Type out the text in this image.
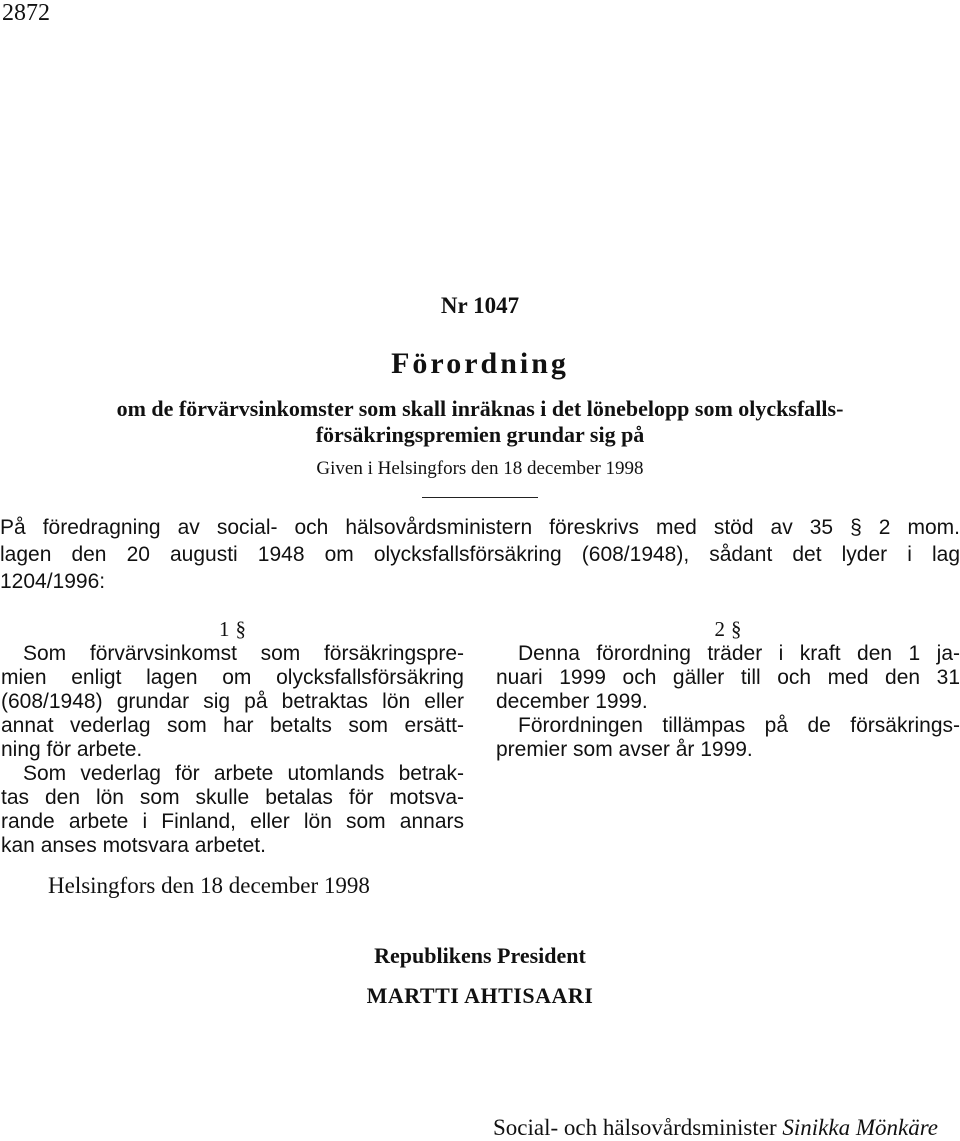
2872
Nr 1047
Förordning
om de förvärvsinkomster som skall inräknas i det lönebelopp som olycksfalls-
försäkringspremien grundar sig på
Given i Helsingfors den 18 december 1998
På föredragning av social- och hälsovårdsministern föreskrivs med stöd av 35 § 2 mom.
lagen den 20 augusti 1948 om olycksfallsförsäkring (608/1948), sådant det lyder i lag
1204/1996:
1 §
Som förvärvsinkomst som försäkringspre-
mien enligt lagen om olycksfallsförsäkring
(608/1948) grundar sig på betraktas lön eller
annat vederlag som har betalts som ersätt-
ning för arbete.
Som vederlag för arbete utomlands betrak-
tas den lön som skulle betalas för motsva-
rande arbete i Finland, eller lön som annars
kan anses motsvara arbetet.
2 §
Denna förordning träder i kraft den 1 ja-
nuari 1999 och gäller till och med den 31
december 1999.
Förordningen tillämpas på de försäkrings-
premier som avser år 1999.
Helsingfors den 18 december 1998
Republikens President
MARTTI AHTISAARI
Social- och hälsovårdsminister Sinikka Mönkäre
